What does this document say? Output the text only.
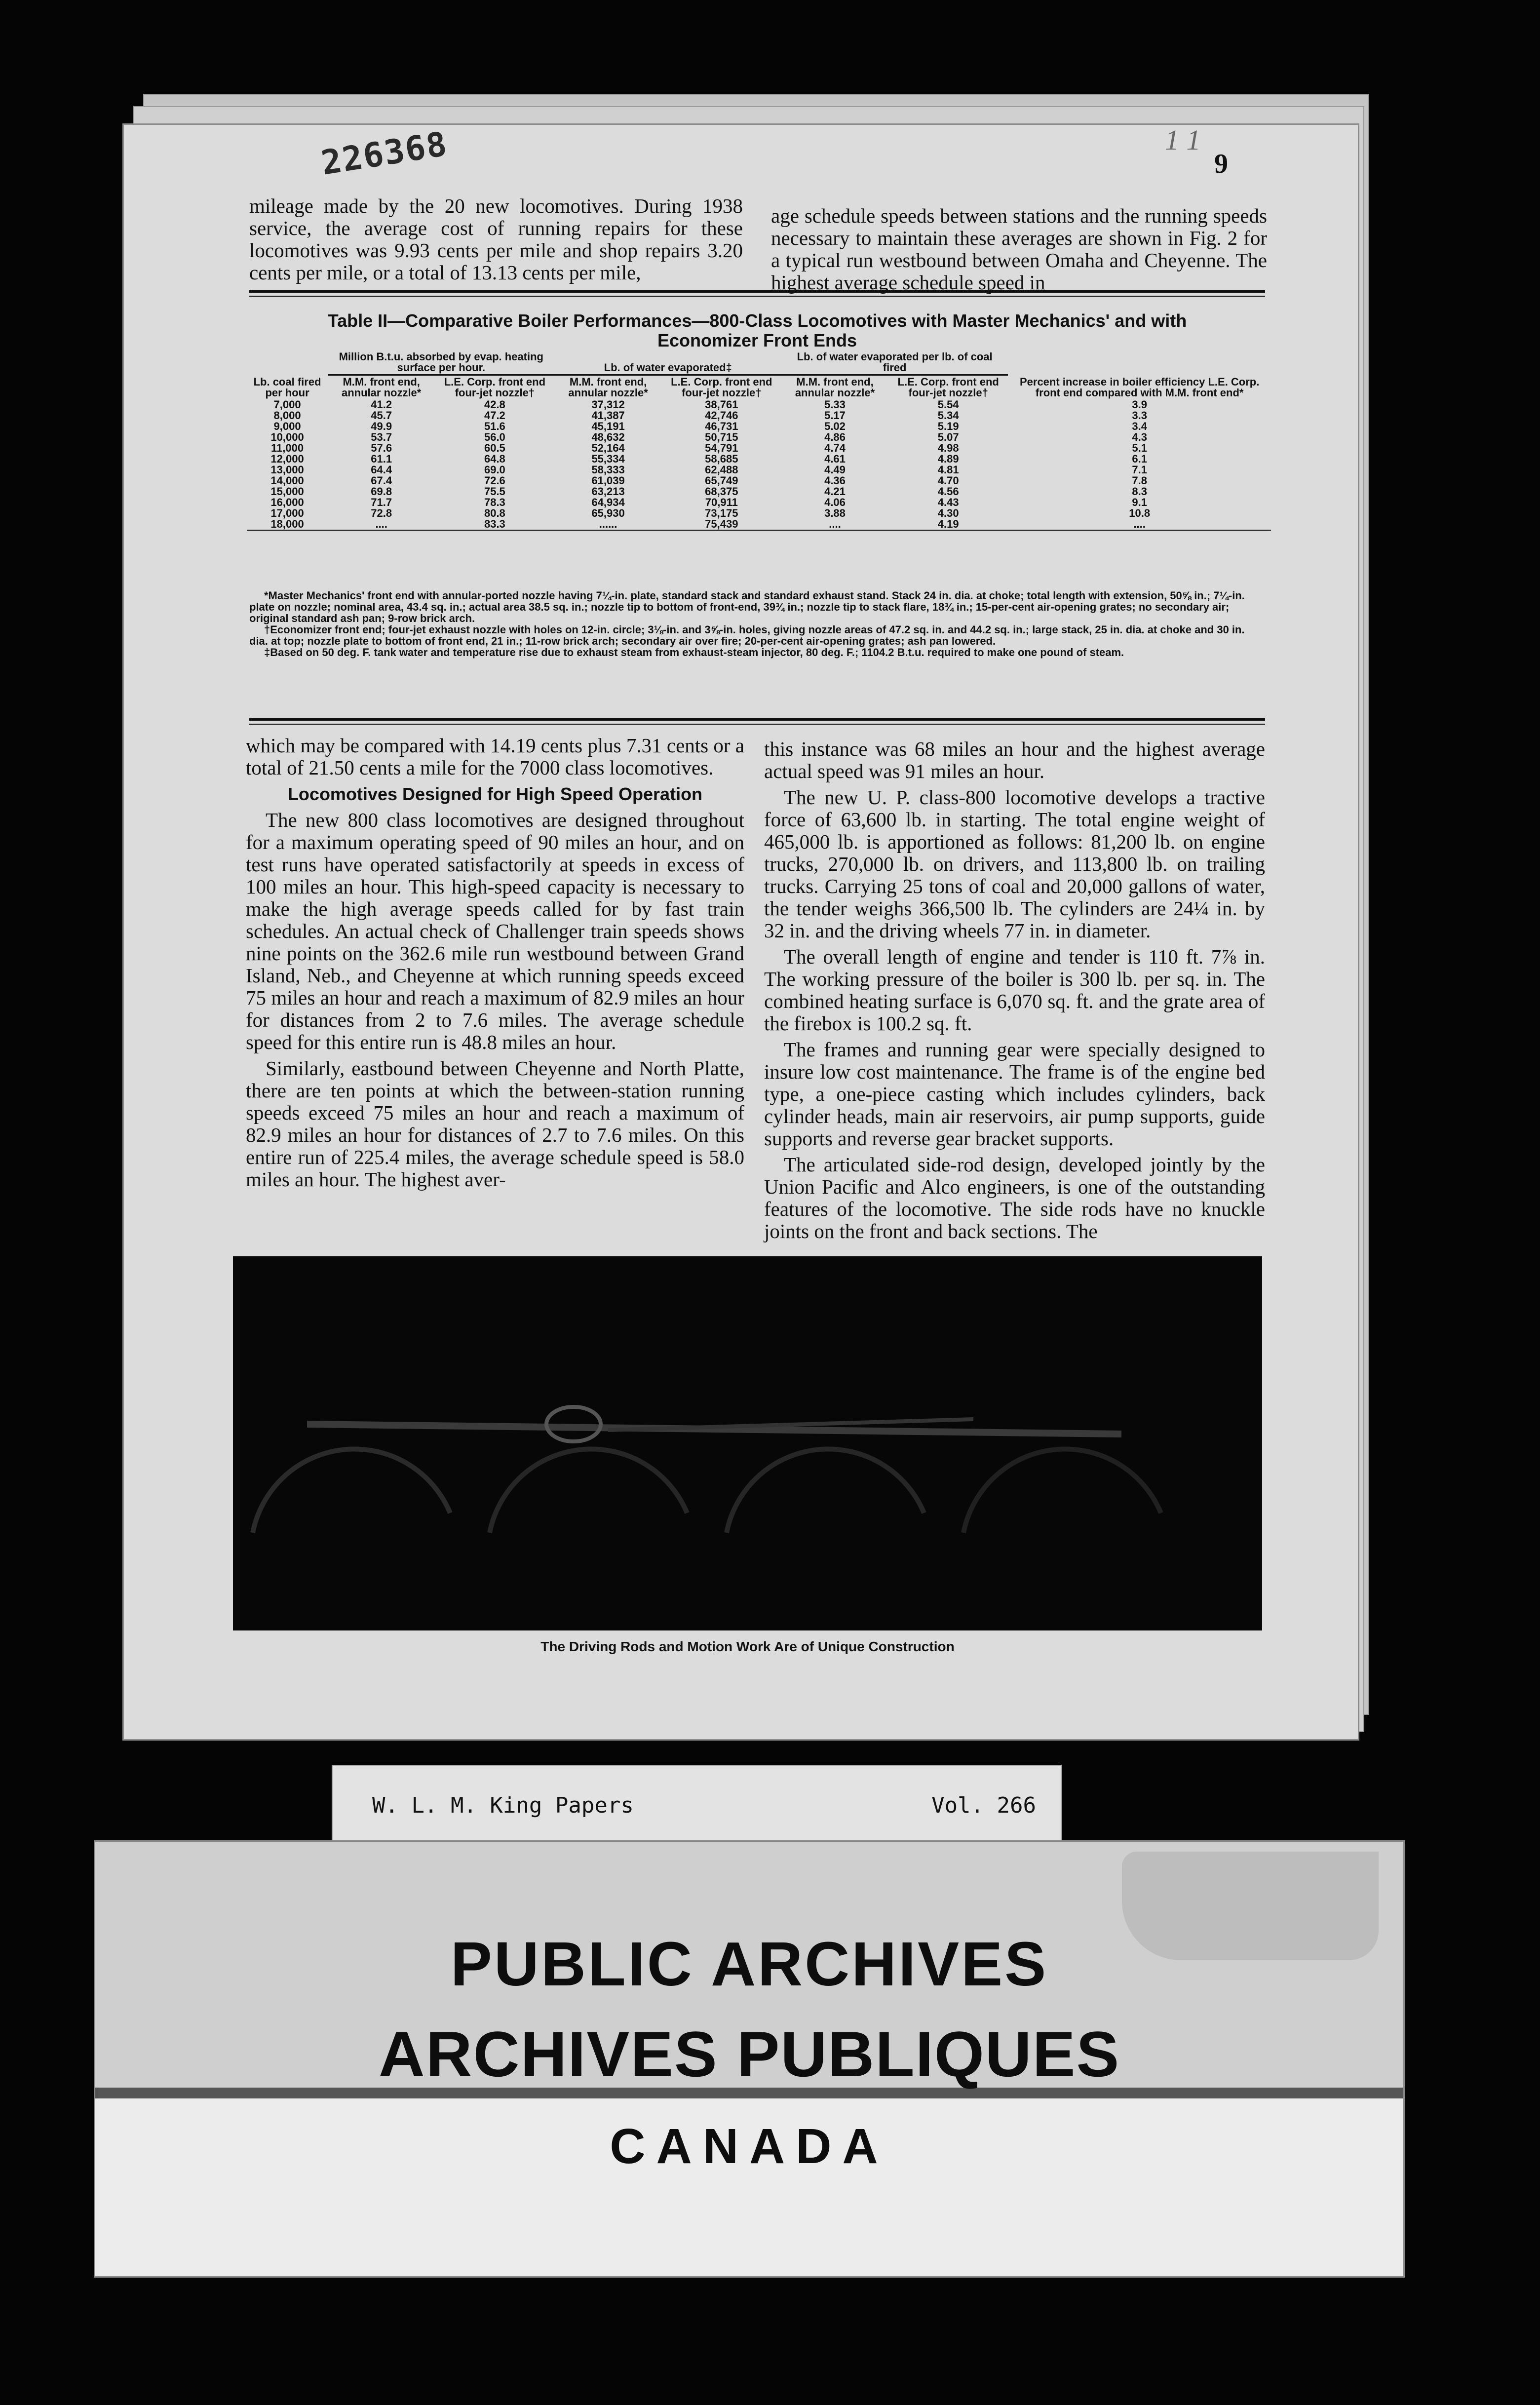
226368	1 1
9

mileage made by the 20 new locomotives. During 1938 service, the average cost of running repairs for these locomotives was 9.93 cents per mile and shop repairs 3.20 cents per mile, or a total of 13.13 cents per mile,

age schedule speeds between stations and the running speeds necessary to maintain these averages are shown in Fig. 2 for a typical run westbound between Omaha and Cheyenne. The highest average schedule speed in

Table II—Comparative Boiler Performances—800-Class Locomotives with Master Mechanics' and with
Economizer Front Ends
	Million B.t.u. absorbed by evap. heating surface per hour.		Lb. of water evaporated‡		Lb. of water evaporated per lb. of coal fired		
Lb. coal fired per hour	M.M. front end, annular nozzle*	L.E. Corp. front end four-jet nozzle†	M.M. front end, annular nozzle*	L.E. Corp. front end four-jet nozzle†	M.M. front end, annular nozzle*	L.E. Corp. front end four-jet nozzle†	Percent increase in boiler efficiency L.E. Corp. front end compared with M.M. front end*
7,000	41.2	42.8	37,312	38,761	5.33	5.54	3.9
8,000	45.7	47.2	41,387	42,746	5.17	5.34	3.3
9,000	49.9	51.6	45,191	46,731	5.02	5.19	3.4
10,000	53.7	56.0	48,632	50,715	4.86	5.07	4.3
11,000	57.6	60.5	52,164	54,791	4.74	4.98	5.1
12,000	61.1	64.8	55,334	58,685	4.61	4.89	6.1
13,000	64.4	69.0	58,333	62,488	4.49	4.81	7.1
14,000	67.4	72.6	61,039	65,749	4.36	4.70	7.8
15,000	69.8	75.5	63,213	68,375	4.21	4.56	8.3
16,000	71.7	78.3	64,934	70,911	4.06	4.43	9.1
17,000	72.8	80.8	65,930	73,175	3.88	4.30	10.8
18,000	....	83.3	......	75,439	....	4.19	....

*Master Mechanics' front end with annular-ported nozzle having 7¼-in. plate, standard stack and standard exhaust stand. Stack 24 in. dia. at choke; total length with extension, 50⅝ in.; 7¼-in. plate on nozzle; nominal area, 43.4 sq. in.; actual area 38.5 sq. in.; nozzle tip to bottom of front-end, 39¾ in.; nozzle tip to stack flare, 18¾ in.; 15-per-cent air-opening grates; no secondary air; original standard ash pan; 9-row brick arch.

†Economizer front end; four-jet exhaust nozzle with holes on 12-in. circle; 3⅛-in. and 3⅝-in. holes, giving nozzle areas of 47.2 sq. in. and 44.2 sq. in.; large stack, 25 in. dia. at choke and 30 in. dia. at top; nozzle plate to bottom of front end, 21 in.; 11-row brick arch; secondary air over fire; 20-per-cent air-opening grates; ash pan lowered.

‡Based on 50 deg. F. tank water and temperature rise due to exhaust steam from exhaust-steam injector, 80 deg. F.; 1104.2 B.t.u. required to make one pound of steam.

which may be compared with 14.19 cents plus 7.31 cents or a total of 21.50 cents a mile for the 7000 class locomotives.

Locomotives Designed for High Speed Operation

The new 800 class locomotives are designed throughout for a maximum operating speed of 90 miles an hour, and on test runs have operated satisfactorily at speeds in excess of 100 miles an hour. This high-speed capacity is necessary to make the high average speeds called for by fast train schedules. An actual check of Challenger train speeds shows nine points on the 362.6 mile run westbound between Grand Island, Neb., and Cheyenne at which running speeds exceed 75 miles an hour and reach a maximum of 82.9 miles an hour for distances from 2 to 7.6 miles. The average schedule speed for this entire run is 48.8 miles an hour.

Similarly, eastbound between Cheyenne and North Platte, there are ten points at which the between-station running speeds exceed 75 miles an hour and reach a maximum of 82.9 miles an hour for distances of 2.7 to 7.6 miles. On this entire run of 225.4 miles, the average schedule speed is 58.0 miles an hour. The highest aver-

this instance was 68 miles an hour and the highest average actual speed was 91 miles an hour.

The new U. P. class-800 locomotive develops a tractive force of 63,600 lb. in starting. The total engine weight of 465,000 lb. is apportioned as follows: 81,200 lb. on engine trucks, 270,000 lb. on drivers, and 113,800 lb. on trailing trucks. Carrying 25 tons of coal and 20,000 gallons of water, the tender weighs 366,500 lb. The cylinders are 24¼ in. by 32 in. and the driving wheels 77 in. in diameter.

The overall length of engine and tender is 110 ft. 7⅞ in. The working pressure of the boiler is 300 lb. per sq. in. The combined heating surface is 6,070 sq. ft. and the grate area of the firebox is 100.2 sq. ft.

The frames and running gear were specially designed to insure low cost maintenance. The frame is of the engine bed type, a one-piece casting which includes cylinders, back cylinder heads, main air reservoirs, air pump supports, guide supports and reverse gear bracket supports.

The articulated side-rod design, developed jointly by the Union Pacific and Alco engineers, is one of the outstanding features of the locomotive. The side rods have no knuckle joints on the front and back sections. The

The Driving Rods and Motion Work Are of Unique Construction
W. L. M. King Papers	Vol. 266
PUBLIC ARCHIVES
ARCHIVES PUBLIQUES
CANADA
